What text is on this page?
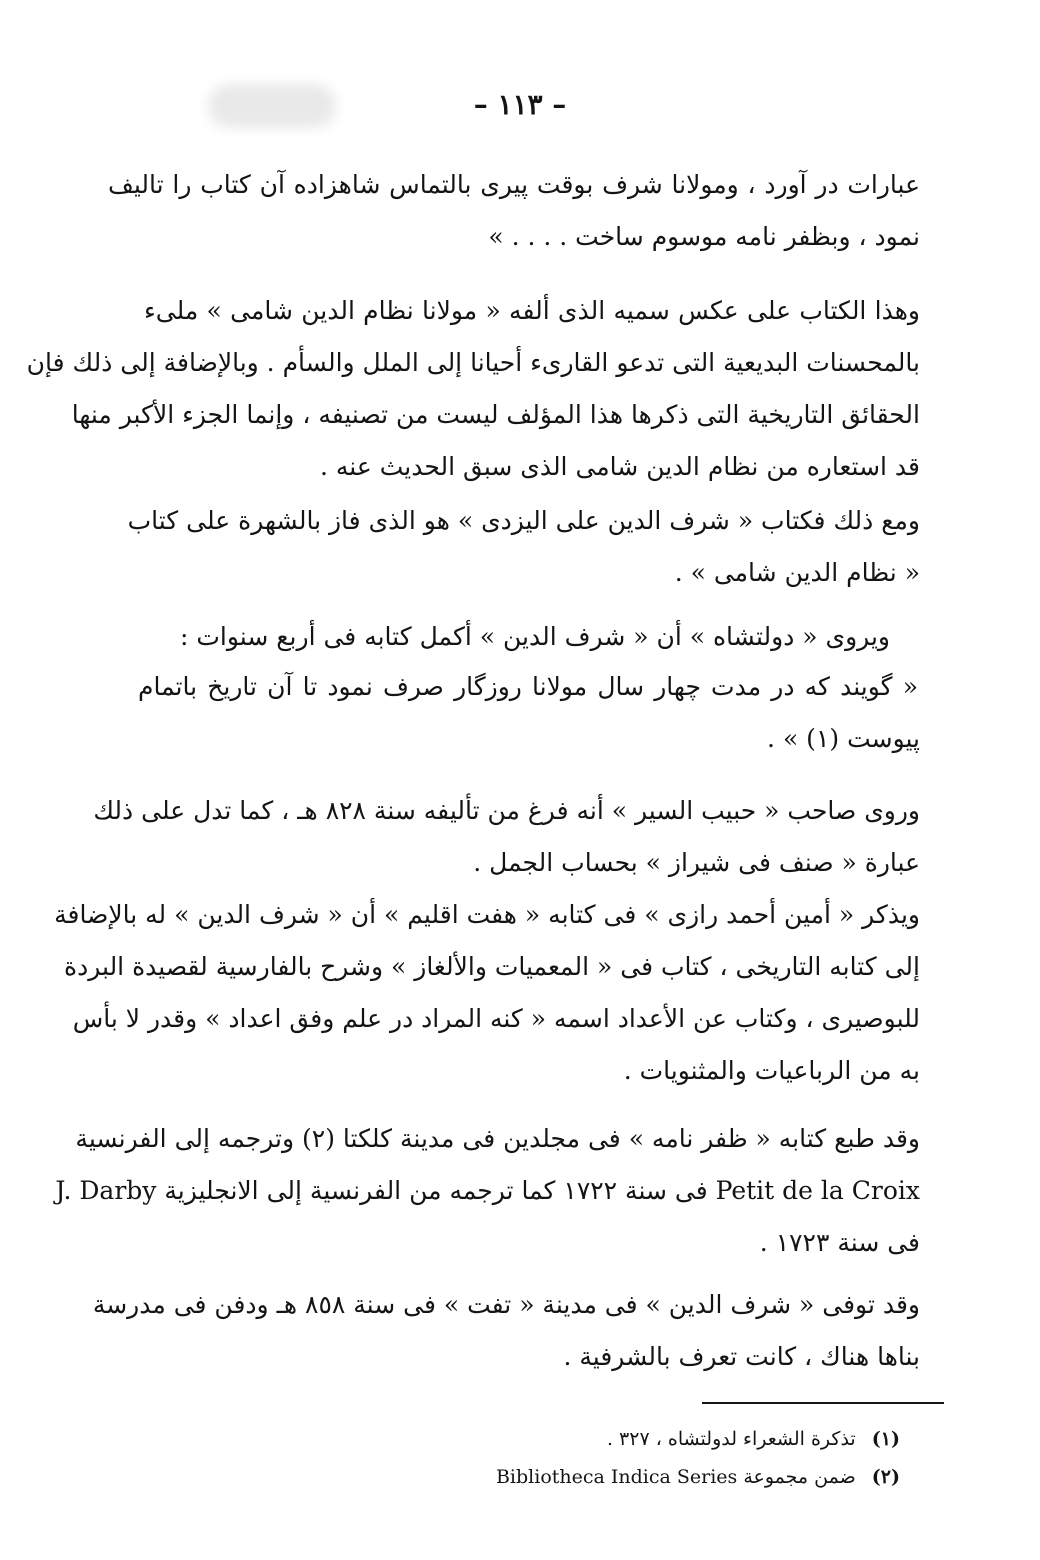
– ١١٣ –
عبارات در آورد ، ومولانا شرف بوقت پیری بالتماس شاهزاده آن کتاب را تالیف
نمود ، وبظفر نامه موسوم ساخت . . . . »
وهذا الكتاب على عكس سميه الذى ألفه « مولانا نظام الدين شامى » ملىء
بالمحسنات البديعية التى تدعو القارىء أحيانا إلى الملل والسأم . وبالإضافة إلى ذلك فإن
الحقائق التاريخية التى ذكرها هذا المؤلف ليست من تصنيفه ، وإنما الجزء الأكبر منها
قد استعاره من نظام الدين شامى الذى سبق الحديث عنه .
ومع ذلك فكتاب « شرف الدين على اليزدى » هو الذى فاز بالشهرة على كتاب
« نظام الدين شامى » .
ويروى « دولتشاه » أن « شرف الدين » أكمل كتابه فى أربع سنوات :
« گویند که در مدت چهار سال مولانا روزگار صرف نمود تا آن تاریخ باتمام
پیوست (١) » .
وروى صاحب « حبيب السير » أنه فرغ من تأليفه سنة ٨٢٨ هـ ، كما تدل على ذلك
عبارة « صنف فى شيراز » بحساب الجمل .
ويذكر « أمين أحمد رازى » فى كتابه « هفت اقليم » أن « شرف الدين » له بالإضافة
إلى كتابه التاريخى ، كتاب فى « المعميات والألغاز » وشرح بالفارسية لقصيدة البردة
للبوصيرى ، وكتاب عن الأعداد اسمه « كنه المراد در علم وفق اعداد » وقدر لا بأس
به من الرباعيات والمثنويات .
وقد طبع كتابه « ظفر نامه » فى مجلدين فى مدينة كلكتا (٢) وترجمه إلى الفرنسية
Petit de la Croix فى سنة ١٧٢٢ كما ترجمه من الفرنسية إلى الانجليزية J. Darby
فى سنة ١٧٢٣ .
وقد توفى « شرف الدين » فى مدينة « تفت » فى سنة ٨٥٨ هـ ودفن فى مدرسة
بناها هناك ، كانت تعرف بالشرفية .
(١) تذكرة الشعراء لدولتشاه ، ٣٢٧ .
(٢) ضمن مجموعة Bibliotheca Indica Series
